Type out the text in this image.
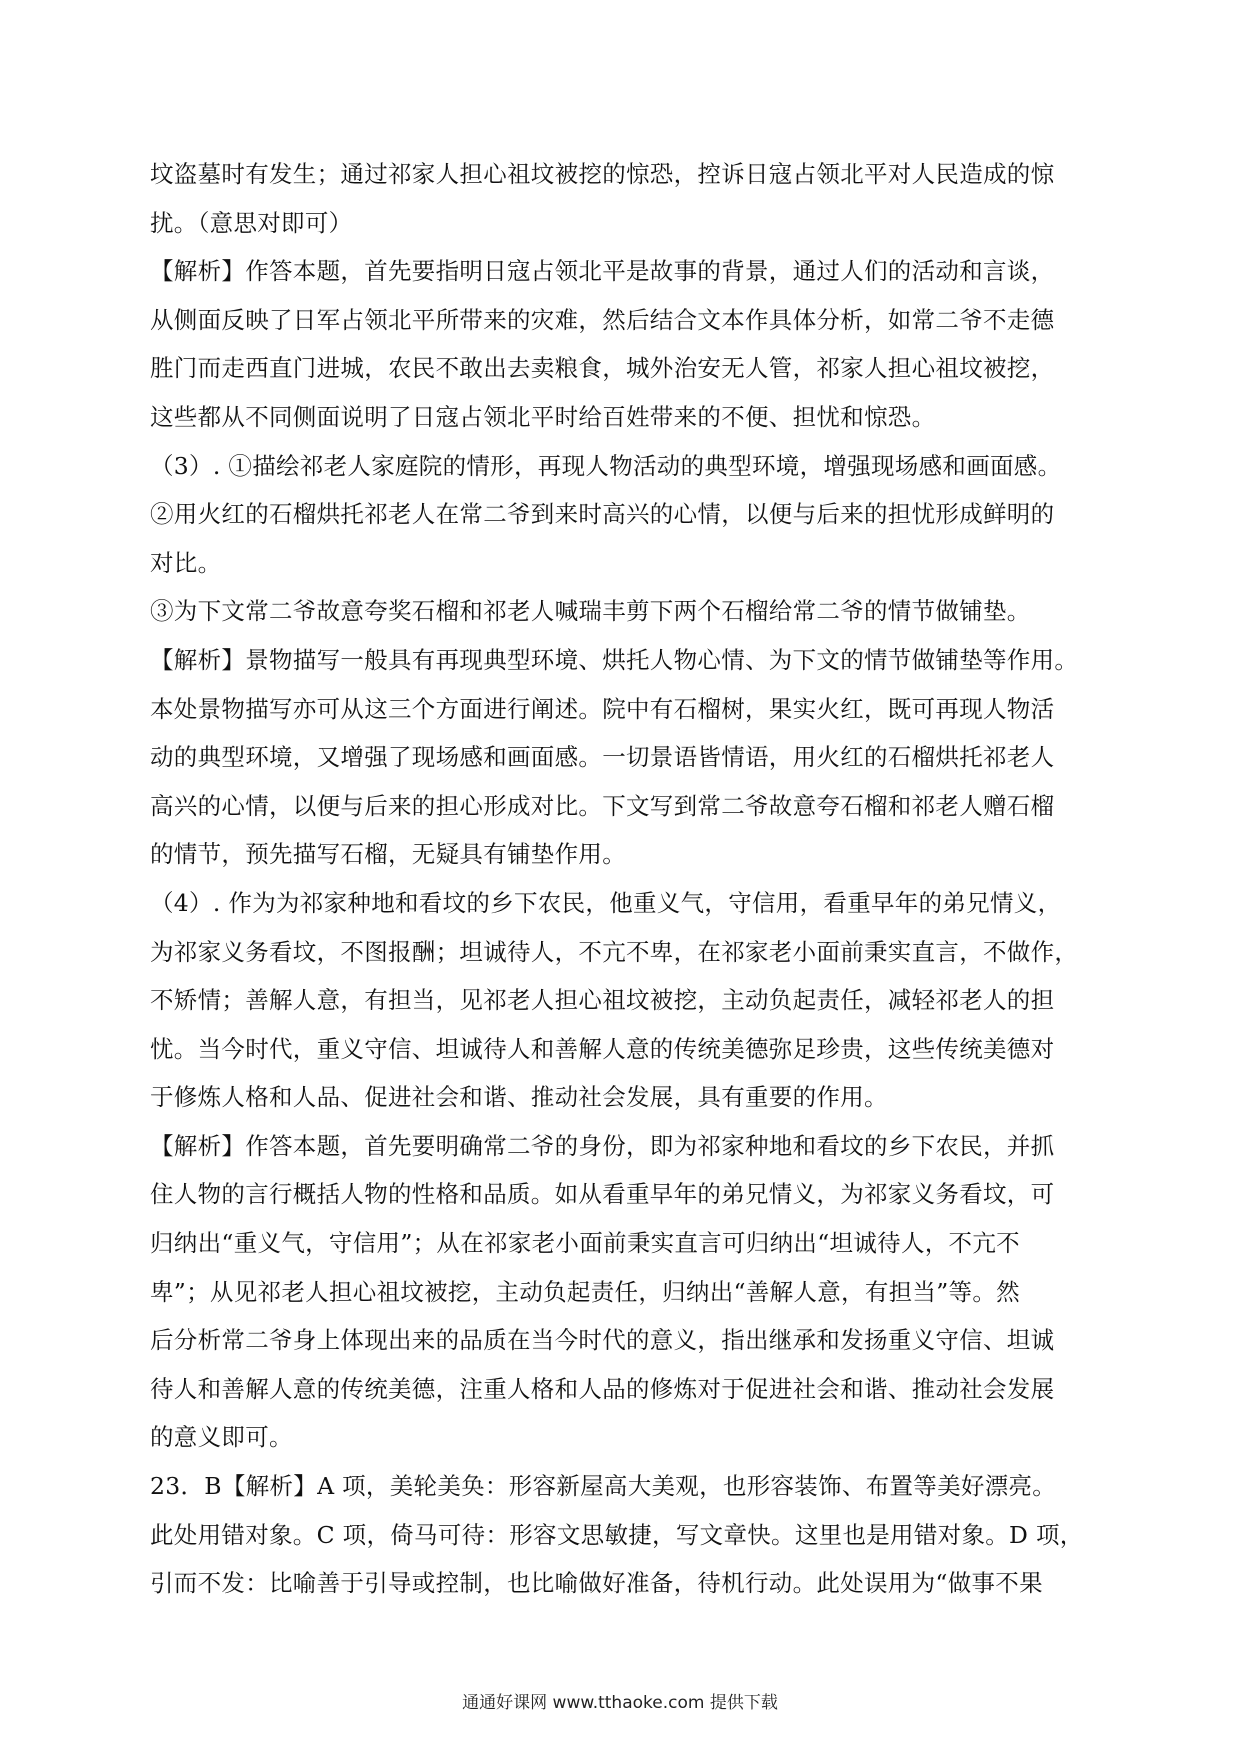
坟盗墓时有发生；通过祁家人担心祖坟被挖的惊恐，控诉日寇占领北平对人民造成的惊
扰。（意思对即可）
【解析】作答本题，首先要指明日寇占领北平是故事的背景，通过人们的活动和言谈，
从侧面反映了日军占领北平所带来的灾难，然后结合文本作具体分析，如常二爷不走德
胜门而走西直门进城，农民不敢出去卖粮食，城外治安无人管，祁家人担心祖坟被挖，
这些都从不同侧面说明了日寇占领北平时给百姓带来的不便、担忧和惊恐。
（3）. ①描绘祁老人家庭院的情形，再现人物活动的典型环境，增强现场感和画面感。
②用火红的石榴烘托祁老人在常二爷到来时高兴的心情，以便与后来的担忧形成鲜明的
对比。
③为下文常二爷故意夸奖石榴和祁老人喊瑞丰剪下两个石榴给常二爷的情节做铺垫。
【解析】景物描写一般具有再现典型环境、烘托人物心情、为下文的情节做铺垫等作用。
本处景物描写亦可从这三个方面进行阐述。院中有石榴树，果实火红，既可再现人物活
动的典型环境，又增强了现场感和画面感。一切景语皆情语，用火红的石榴烘托祁老人
高兴的心情，以便与后来的担心形成对比。下文写到常二爷故意夸石榴和祁老人赠石榴
的情节，预先描写石榴，无疑具有铺垫作用。
（4）. 作为为祁家种地和看坟的乡下农民，他重义气，守信用，看重早年的弟兄情义，
为祁家义务看坟，不图报酬；坦诚待人，不亢不卑，在祁家老小面前秉实直言，不做作，
不矫情；善解人意，有担当，见祁老人担心祖坟被挖，主动负起责任，减轻祁老人的担
忧。当今时代，重义守信、坦诚待人和善解人意的传统美德弥足珍贵，这些传统美德对
于修炼人格和人品、促进社会和谐、推动社会发展，具有重要的作用。
【解析】作答本题，首先要明确常二爷的身份，即为祁家种地和看坟的乡下农民，并抓
住人物的言行概括人物的性格和品质。如从看重早年的弟兄情义，为祁家义务看坟，可
归纳出“重义气，守信用”；从在祁家老小面前秉实直言可归纳出“坦诚待人，不亢不
卑”；从见祁老人担心祖坟被挖，主动负起责任，归纳出“善解人意，有担当”等。然
后分析常二爷身上体现出来的品质在当今时代的意义，指出继承和发扬重义守信、坦诚
待人和善解人意的传统美德，注重人格和人品的修炼对于促进社会和谐、推动社会发展
的意义即可。
23．B【解析】A 项，美轮美奂：形容新屋高大美观，也形容装饰、布置等美好漂亮。
此处用错对象。C 项，倚马可待：形容文思敏捷，写文章快。这里也是用错对象。D 项，
引而不发：比喻善于引导或控制，也比喻做好准备，待机行动。此处误用为“做事不果
通通好课网 www.tthaoke.com 提供下载
